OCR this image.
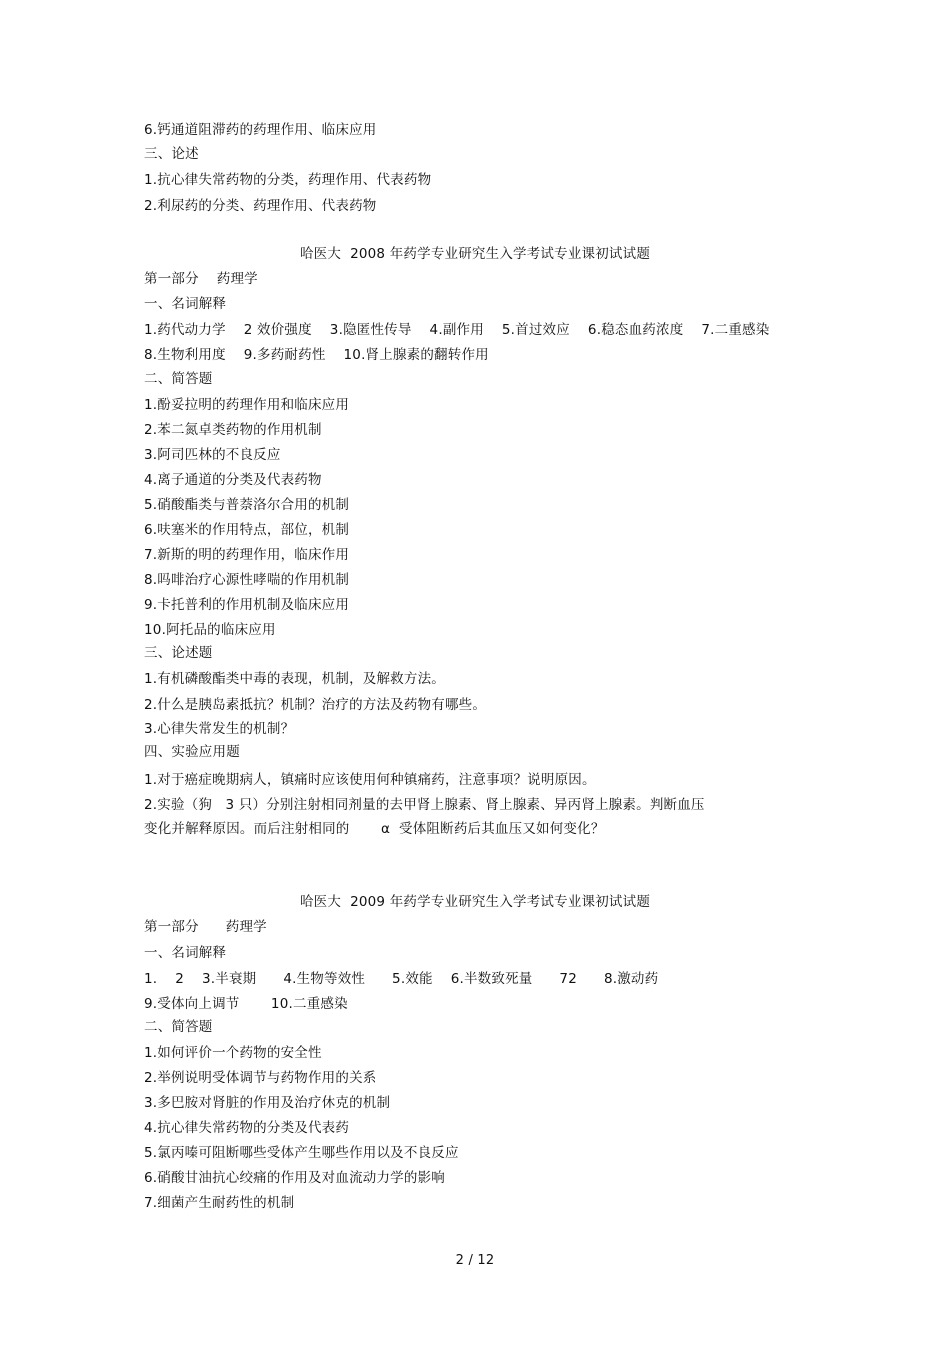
6.钙通道阻滞药的药理作用、临床应用
三、论述
1.抗心律失常药物的分类，药理作用、代表药物
2.利尿药的分类、药理作用、代表药物
哈医大  2008 年药学专业研究生入学考试专业课初试试题
第一部分    药理学
一、名词解释
1.药代动力学    2 效价强度    3.隐匿性传导    4.副作用    5.首过效应    6.稳态血药浓度    7.二重感染
8.生物利用度    9.多药耐药性    10.肾上腺素的翻转作用
二、简答题
1.酚妥拉明的药理作用和临床应用
2.苯二氮卓类药物的作用机制
3.阿司匹林的不良反应
4.离子通道的分类及代表药物
5.硝酸酯类与普萘洛尔合用的机制
6.呋塞米的作用特点，部位，机制
7.新斯的明的药理作用，临床作用
8.吗啡治疗心源性哮喘的作用机制
9.卡托普利的作用机制及临床应用
10.阿托品的临床应用
三、论述题
1.有机磷酸酯类中毒的表现，机制，及解救方法。
2.什么是胰岛素抵抗？机制？治疗的方法及药物有哪些。
3.心律失常发生的机制？
四、实验应用题
1.对于癌症晚期病人，镇痛时应该使用何种镇痛药，注意事项？说明原因。
2.实验（狗   3 只）分别注射相同剂量的去甲肾上腺素、肾上腺素、异丙肾上腺素。判断血压
变化并解释原因。而后注射相同的       α  受体阻断药后其血压又如何变化？
哈医大  2009 年药学专业研究生入学考试专业课初试试题
第一部分      药理学
一、名词解释
1.    2    3.半衰期      4.生物等效性      5.效能    6.半数致死量      72      8.激动药
9.受体向上调节       10.二重感染
二、简答题
1.如何评价一个药物的安全性
2.举例说明受体调节与药物作用的关系
3.多巴胺对肾脏的作用及治疗休克的机制
4.抗心律失常药物的分类及代表药
5.氯丙嗪可阻断哪些受体产生哪些作用以及不良反应
6.硝酸甘油抗心绞痛的作用及对血流动力学的影响
7.细菌产生耐药性的机制
2 / 12
